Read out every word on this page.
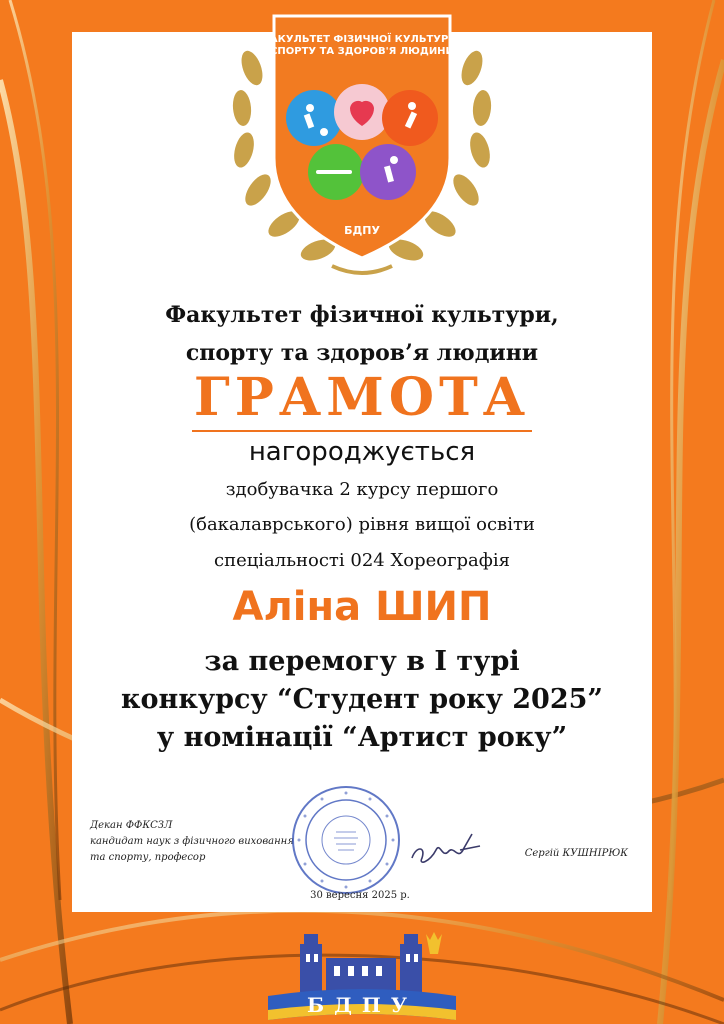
ФАКУЛЬТЕТ ФІЗИЧНОЇ КУЛЬТУРИ, СПОРТУ ТА ЗДОРОВ'Я ЛЮДИНИ
БДПУ
Факультет фізичної культури,
спорту та здоров’я людини
ГРАМОТА
нагороджується
здобувачка 2 курсу першого
(бакалаврського) рівня вищої освіти
спеціальності 024 Хореографія
Аліна ШИП
за перемогу в І турі
конкурсу “Студент року 2025”
у номінації “Артист року”
Декан ФФКСЗЛ
кандидат наук з фізичного виховання
та спорту, професор	Сергій КУШНІРЮК
30 вересня 2025 р.
БДПУ
